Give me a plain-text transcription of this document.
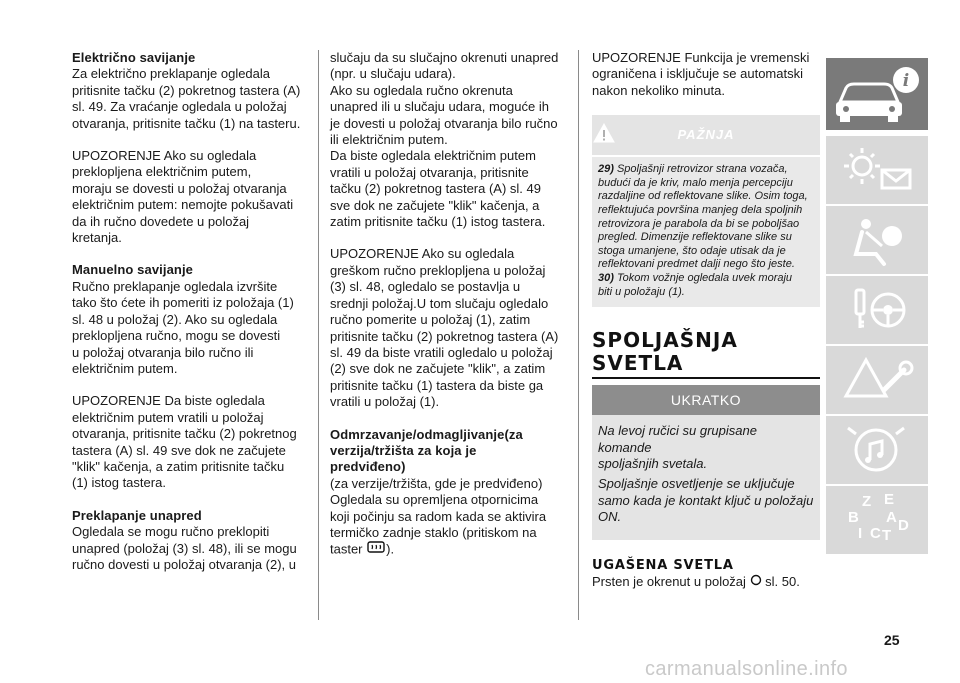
Električno savijanje

Za električno preklapanje ogledala
pritisnite tačku (2) pokretnog tastera (A)
sl. 49. Za vraćanje ogledala u položaj
otvaranja, pritisnite tačku (1) na tasteru.

UPOZORENJE Ako su ogledala
preklopljena električnim putem,
moraju se dovesti u položaj otvaranja
električnim putem: nemojte pokušavati
da ih ručno dovedete u položaj
kretanja.

Manuelno savijanje

Ručno preklapanje ogledala izvršite
tako što ćete ih pomeriti iz položaja (1)
sl. 48 u položaj (2). Ako su ogledala
preklopljena ručno, mogu se dovesti
u položaj otvaranja bilo ručno ili
električnim putem.

UPOZORENJE Da biste ogledala
električnim putem vratili u položaj
otvaranja, pritisnite tačku (2) pokretnog
tastera (A) sl. 49 sve dok ne začujete
"klik" kačenja, a zatim pritisnite tačku
(1) istog tastera.

Preklapanje unapred

Ogledala se mogu ručno preklopiti
unapred (položaj (3) sl. 48), ili se mogu
ručno dovesti u položaj otvaranja (2), u

slučaju da su slučajno okrenuti unapred
(npr. u slučaju udara).
Ako su ogledala ručno okrenuta
unapred ili u slučaju udara, moguće ih
je dovesti u položaj otvaranja bilo ručno
ili električnim putem.
Da biste ogledala električnim putem
vratili u položaj otvaranja, pritisnite
tačku (2) pokretnog tastera (A) sl. 49
sve dok ne začujete "klik" kačenja, a
zatim pritisnite tačku (1) istog tastera.

UPOZORENJE Ako su ogledala
greškom ručno preklopljena u položaj
(3) sl. 48, ogledalo se postavlja u
srednji položaj.U tom slučaju ogledalo
ručno pomerite u položaj (1), zatim
pritisnite tačku (2) pokretnog tastera (A)
sl. 49 da biste vratili ogledalo u položaj
(2) sve dok ne začujete "klik", a zatim
pritisnite tačku (1) tastera da biste ga
vratili u položaj (1).

Odmrzavanje/odmagljivanje(za
verzija/tržišta za koja je
predviđeno)

(za verzije/tržišta, gde je predviđeno)
Ogledala su opremljena otpornicima
koji počinju sa radom kada se aktivira
termičko zadnje staklo (pritiskom na

taster ).

UPOZORENJE Funkcija je vremenski
ograničena i isključuje se automatski
nakon nekoliko minuta.

PAŽNJA
29) Spoljašnji retrovizor strana vozača,
budući da je kriv, malo menja percepciju
razdaljine od reflektovane slike. Osim toga,
reflektujuća površina manjeg dela spoljnih
retrovizora je parabola da bi se poboljšao
pregled. Dimenzije reflektovane slike su
stoga umanjene, što odaje utisak da je
reflektovani predmet dalji nego što jeste.
30) Tokom vožnje ogledala uvek moraju
biti u položaju (1).
SPOLJAŠNJA
SVETLA
UKRATKO

Na levoj ručici su grupisane komande
spoljašnjih svetala.

Spoljašnje osvetljenje se uključuje
samo kada je kontakt ključ u položaju
ON.

UGAŠENA SVETLA

Prsten je okrenut u položaj  sl. 50.

i
Z E
B A
I C T
D
25
carmanualsonline.info
